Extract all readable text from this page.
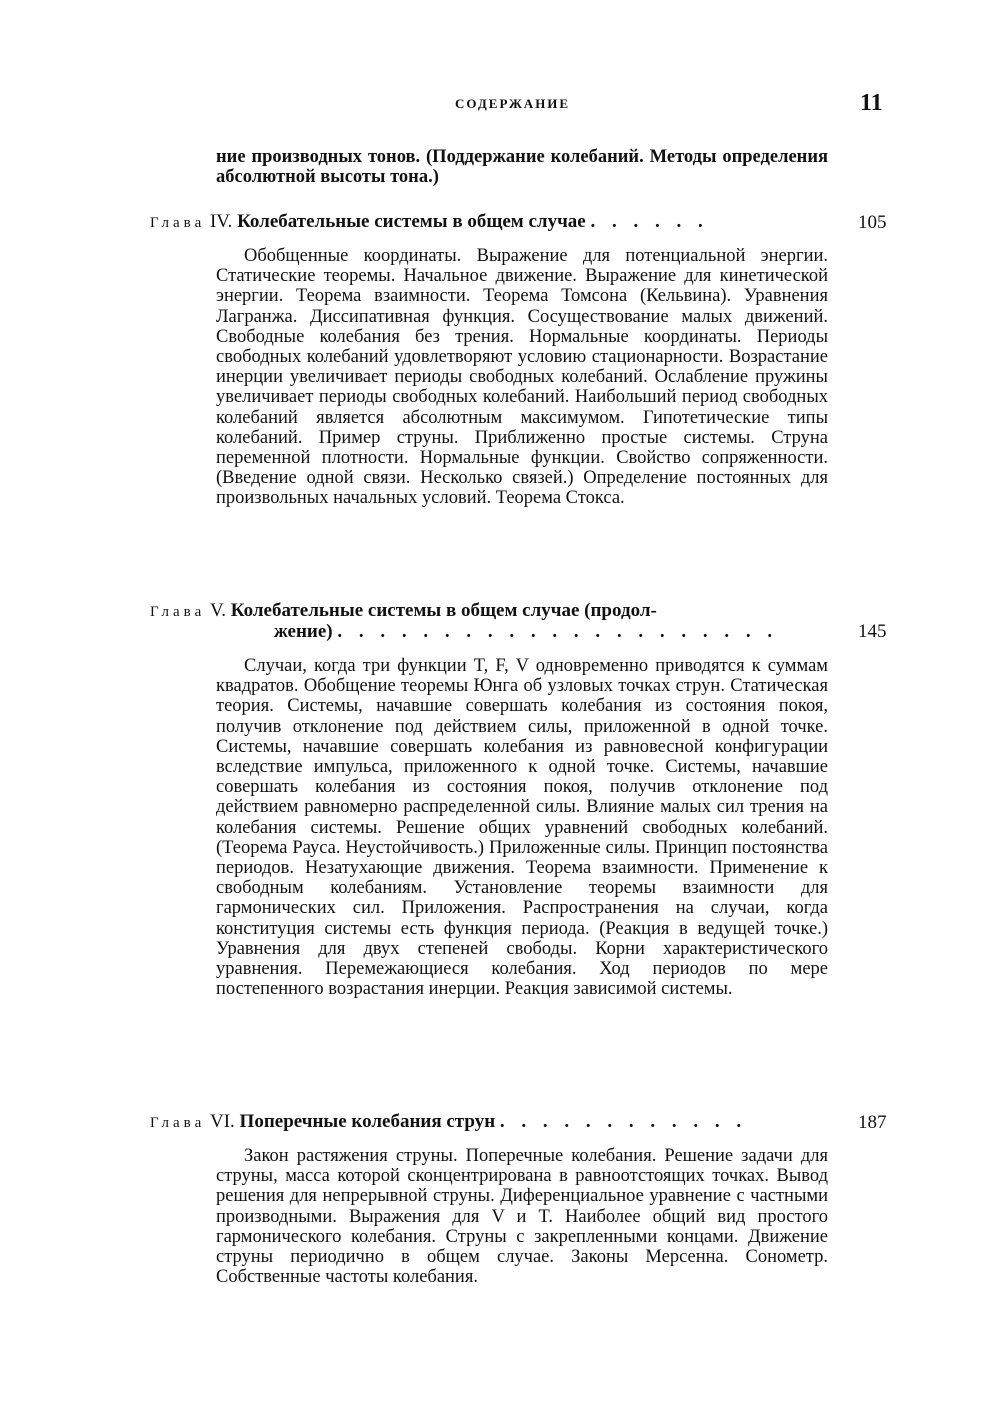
СОДЕРЖАНИЕ	11
ние производных тонов. (Поддержание колебаний. Методы определения абсолютной высоты тона.)
Глава IV. Колебательные системы в общем случае . . . . . .	105
Обобщенные координаты. Выражение для потенциальной энергии. Статические теоремы. Начальное движение. Выражение для кинетической энергии. Теорема взаимности. Теорема Томсона (Кельвина). Уравнения Лагранжа. Диссипативная функция. Сосуществование малых движений. Свободные колебания без трения. Нормальные координаты. Периоды свободных колебаний удовлетворяют условию стационарности. Возрастание инерции увеличивает периоды свободных колебаний. Ослабление пружины увеличивает периоды свободных колебаний. Наибольший период свободных колебаний является абсолютным максимумом. Гипотетические типы колебаний. Пример струны. Приближенно простые системы. Струна переменной плотности. Нормальные функции. Свойство сопряженности. (Введение одной связи. Несколько связей.) Определение постоянных для произвольных начальных условий. Теорема Стокса.
Глава V. Колебательные системы в общем случае (продол-
жение) . . . . . . . . . . . . . . . . . . . . .	145
Случаи, когда три функции T, F, V одновременно приводятся к суммам квадратов. Обобщение теоремы Юнга об узловых точках струн. Статическая теория. Системы, начавшие совершать колебания из состояния покоя, получив отклонение под действием силы, приложенной в одной точке. Системы, начавшие совершать колебания из равновесной конфигурации вследствие импульса, приложенного к одной точке. Системы, начавшие совершать колебания из состояния покоя, получив отклонение под действием равномерно распределенной силы. Влияние малых сил трения на колебания системы. Решение общих уравнений свободных колебаний. (Теорема Рауса. Неустойчивость.) Приложенные силы. Принцип постоянства периодов. Незатухающие движения. Теорема взаимности. Применение к свободным колебаниям. Установление теоремы взаимности для гармонических сил. Приложения. Распространения на случаи, когда конституция системы есть функция периода. (Реакция в ведущей точке.) Уравнения для двух степеней свободы. Корни характеристического уравнения. Перемежающиеся колебания. Ход периодов по мере постепенного возрастания инерции. Реакция зависимой системы.
Глава VI. Поперечные колебания струн . . . . . . . . . . . .	187
Закон растяжения струны. Поперечные колебания. Решение задачи для струны, масса которой сконцентрирована в равноотстоящих точках. Вывод решения для непрерывной струны. Диференциальное уравнение с частными производными. Выражения для V и T. Наиболее общий вид простого гармонического колебания. Струны с закрепленными концами. Движение струны периодично в общем случае. Законы Мерсенна. Сонометр. Собственные частоты колебания.
